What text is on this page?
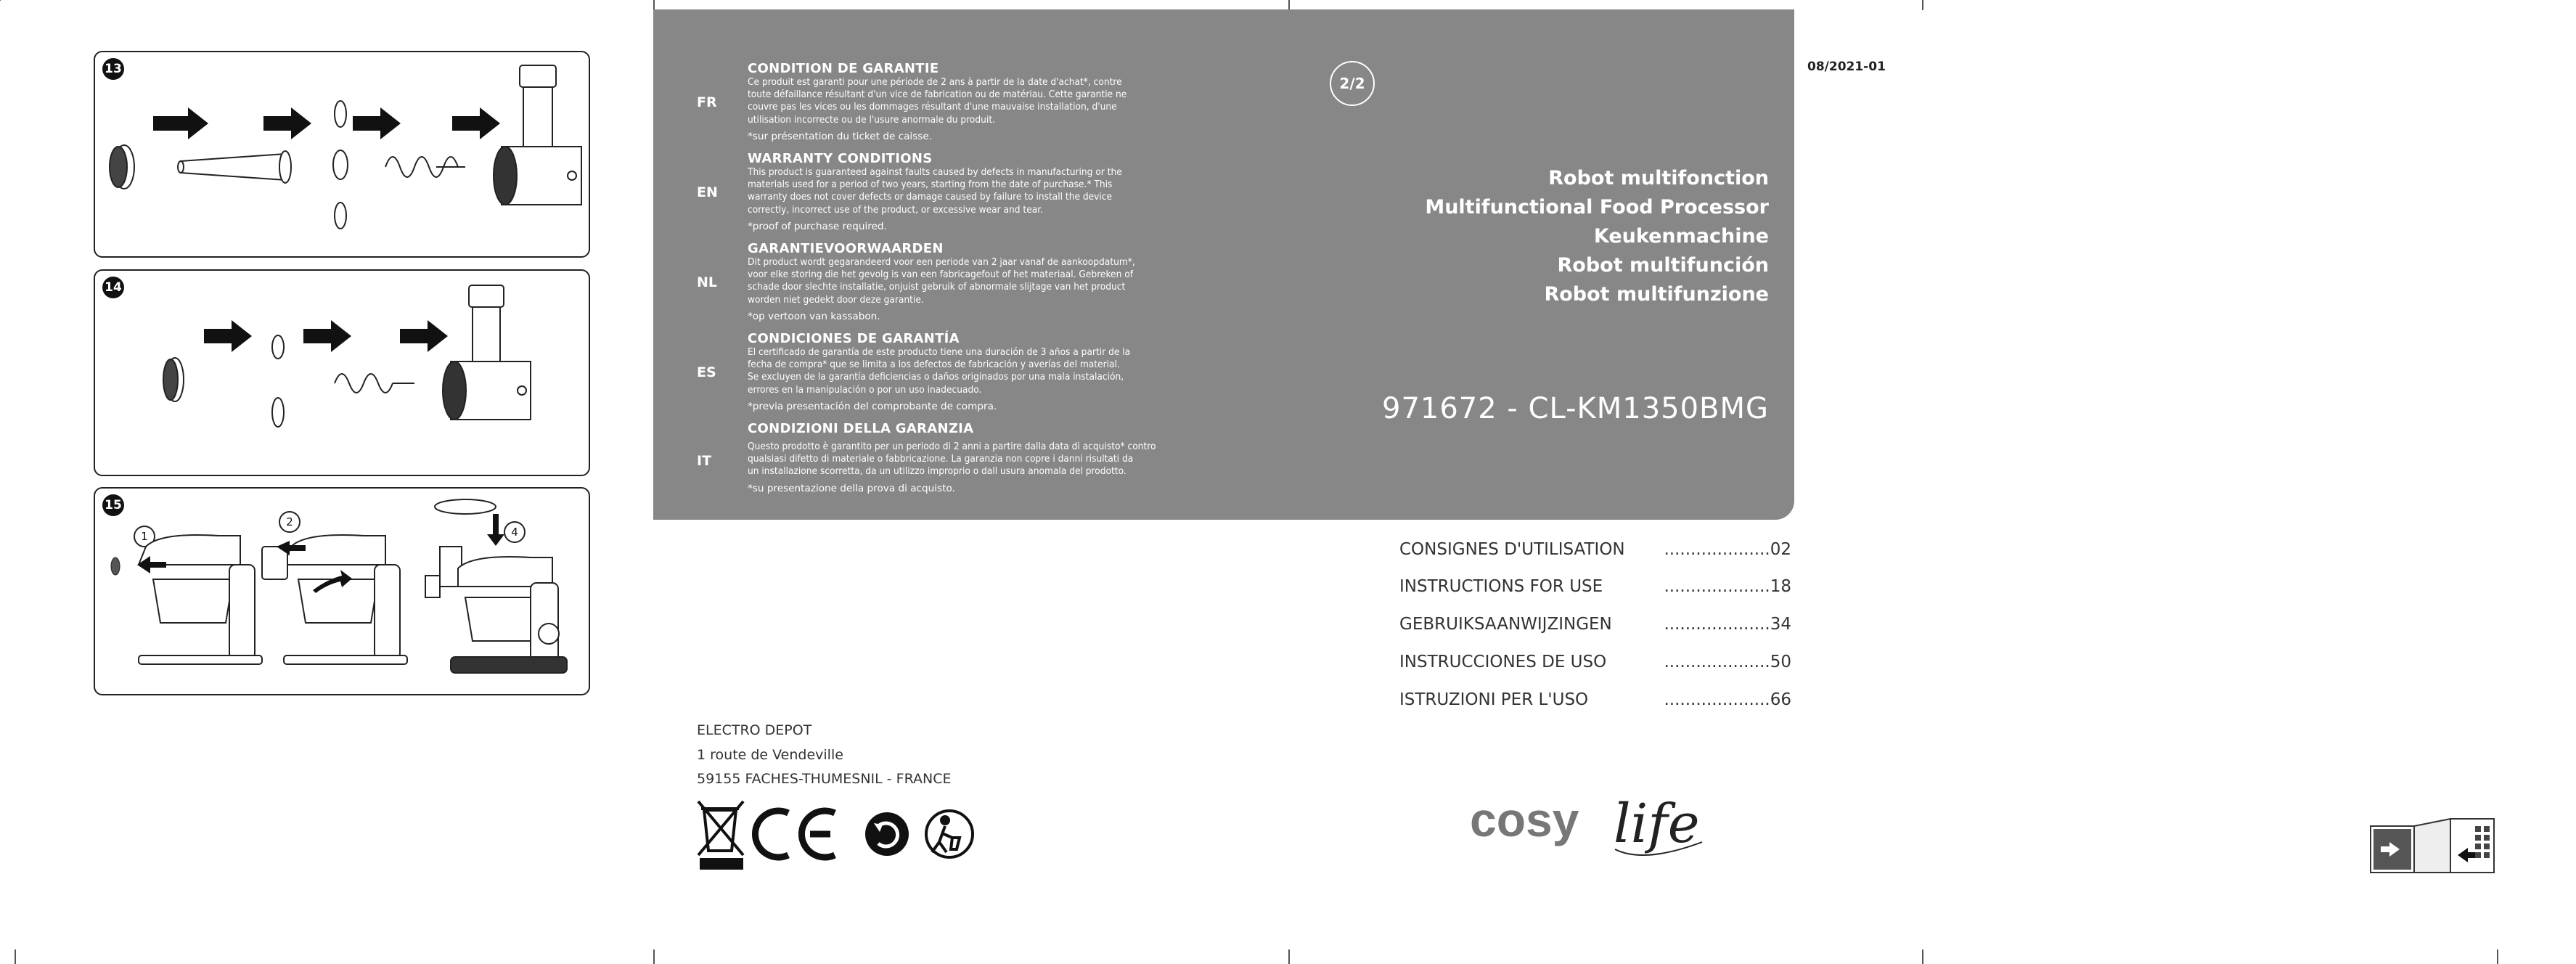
13
14
15
1
2
4
FR
CONDITION DE GARANTIE
Ce produit est garanti pour une période de 2 ans à partir de la date d'achat*, contre
toute défaillance résultant d'un vice de fabrication ou de matériau. Cette garantie ne
couvre pas les vices ou les dommages résultant d'une mauvaise installation, d'une
utilisation incorrecte ou de l'usure anormale du produit.
*sur présentation du ticket de caisse.
EN
WARRANTY CONDITIONS
This product is guaranteed against faults caused by defects in manufacturing or the
materials used for a period of two years, starting from the date of purchase.* This
warranty does not cover defects or damage caused by failure to install the device
correctly, incorrect use of the product, or excessive wear and tear.
*proof of purchase required.
NL
GARANTIEVOORWAARDEN
Dit product wordt gegarandeerd voor een periode van 2 jaar vanaf de aankoopdatum*,
voor elke storing die het gevolg is van een fabricagefout of het materiaal. Gebreken of
schade door slechte installatie, onjuist gebruik of abnormale slijtage van het product
worden niet gedekt door deze garantie.
*op vertoon van kassabon.
ES
CONDICIONES DE GARANTÍA
El certificado de garantía de este producto tiene una duración de 3 años a partir de la
fecha de compra* que se limita a los defectos de fabricación y averías del material.
Se excluyen de la garantía deficiencias o daños originados por una mala instalación,
errores en la manipulación o por un uso inadecuado.
*previa presentación del comprobante de compra.
IT
CONDIZIONI DELLA GARANZIA
Questo prodotto è garantito per un periodo di 2 anni a partire dalla data di acquisto* contro
qualsiasi difetto di materiale o fabbricazione. La garanzia non copre i danni risultati da
un installazione scorretta, da un utilizzo improprio o dall usura anomala del prodotto.
*su presentazione della prova di acquisto.
2/2
Robot multifonction
Multifunctional Food Processor
Keukenmachine
Robot multifunción
Robot multifunzione
971672 - CL-KM1350BMG
08/2021-01
CONSIGNES D'UTILISATION ....................02
INSTRUCTIONS FOR USE	....................18
GEBRUIKSAANWIJZINGEN	....................34
INSTRUCCIONES DE USO	....................50
ISTRUZIONI PER L'USO	....................66
ELECTRO DEPOT
1 route de Vendeville
59155 FACHES-THUMESNIL - FRANCE
cosy life
